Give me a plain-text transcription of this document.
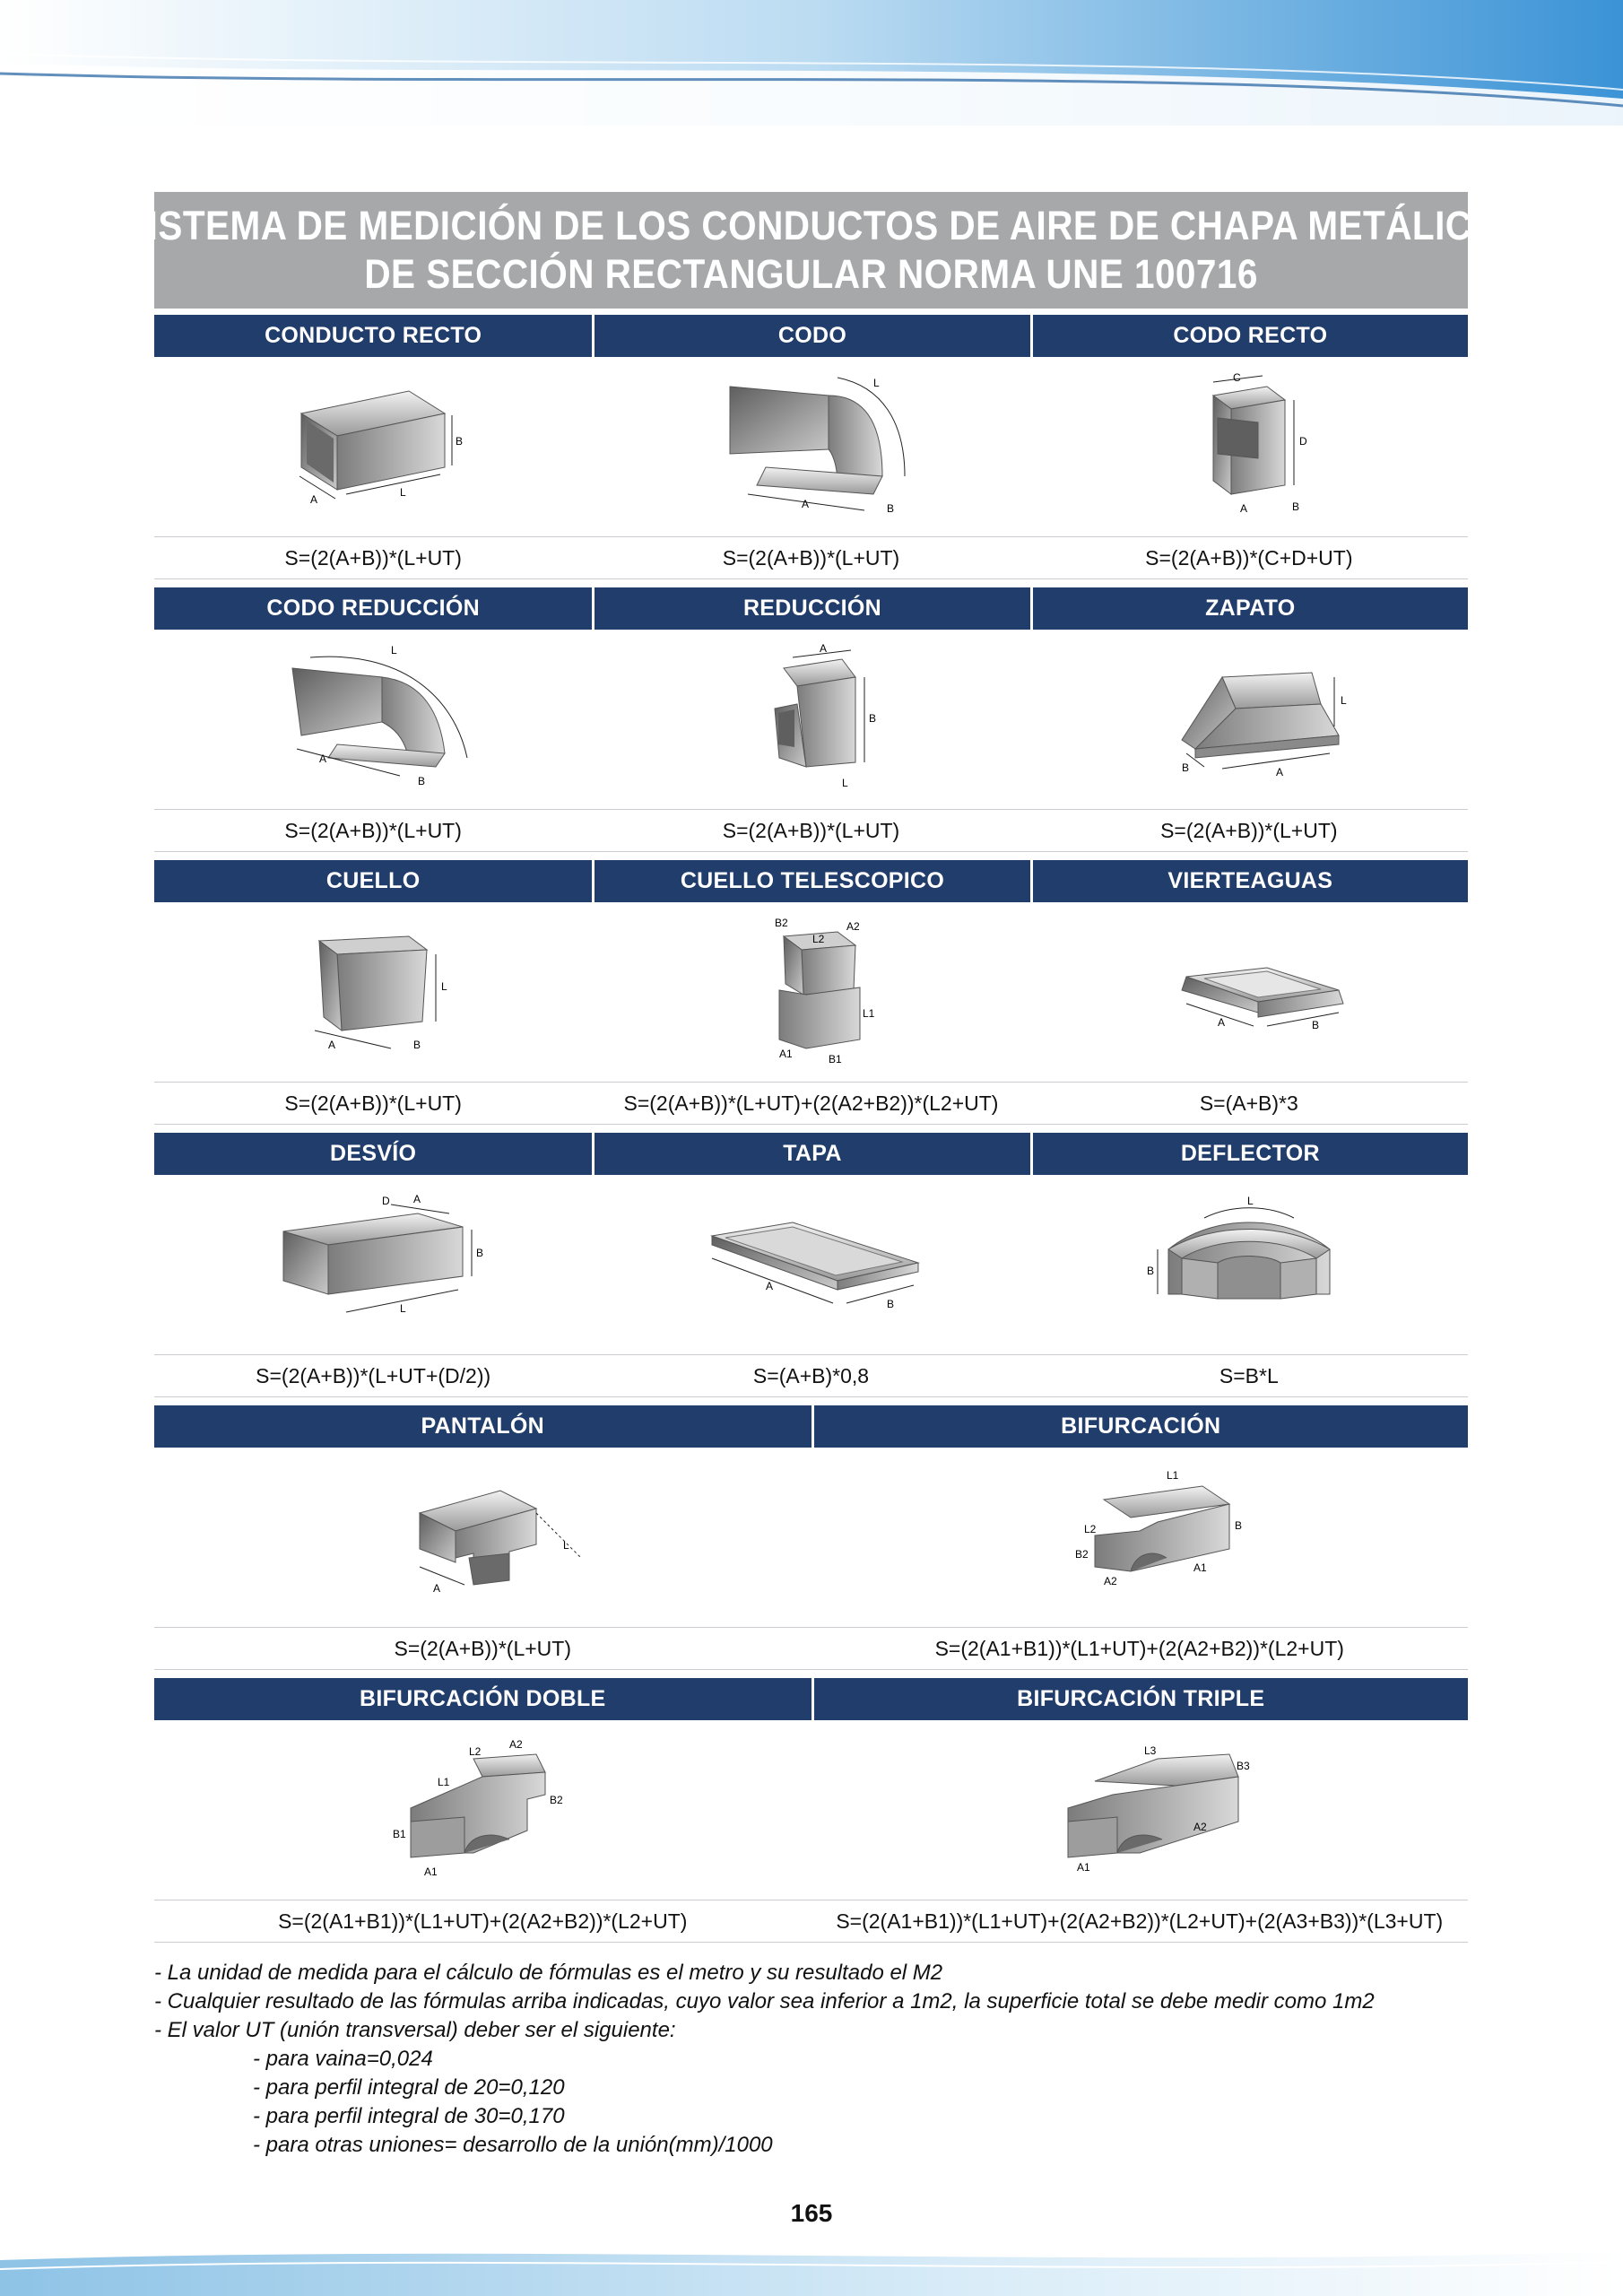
SISTEMA DE MEDICIÓN DE LOS CONDUCTOS DE AIRE DE CHAPA METÁLICA
DE SECCIÓN RECTANGULAR NORMA UNE 100716
CONDUCTO RECTO
A
L
B
S=(2(A+B))*(L+UT)
CODO
L
A	B
S=(2(A+B))*(L+UT)
CODO RECTO
C
D
A	B
S=(2(A+B))*(C+D+UT)
CODO REDUCCIÓN
L
A
B
S=(2(A+B))*(L+UT)
REDUCCIÓN
A
B
L
S=(2(A+B))*(L+UT)
ZAPATO
L
B	A
S=(2(A+B))*(L+UT)
CUELLO
L
A	B
S=(2(A+B))*(L+UT)
CUELLO TELESCOPICO
B2	A2
L2
L1
A1	B1
S=(2(A+B))*(L+UT)+(2(A2+B2))*(L2+UT)
VIERTEAGUAS
A	B
S=(A+B)*3
DESVÍO
A
D
B
L
S=(2(A+B))*(L+UT+(D/2))
TAPA
A
B
S=(A+B)*0,8
DEFLECTOR
L
B
S=B*L
PANTALÓN
A
L
S=(2(A+B))*(L+UT)
BIFURCACIÓN
L1
L2	B
B2
A2
A1
S=(2(A1+B1))*(L1+UT)+(2(A2+B2))*(L2+UT)
BIFURCACIÓN DOBLE
L2
A2
L1
B2
B1
A1
S=(2(A1+B1))*(L1+UT)+(2(A2+B2))*(L2+UT)
BIFURCACIÓN TRIPLE
L3
B3
A2
A1
S=(2(A1+B1))*(L1+UT)+(2(A2+B2))*(L2+UT)+(2(A3+B3))*(L3+UT)
- La unidad de medida para el cálculo de fórmulas es el metro y su resultado el M2
- Cualquier resultado de las fórmulas arriba indicadas, cuyo valor sea inferior a 1m2, la superficie total se debe medir como 1m2
- El valor UT (unión transversal) deber ser el siguiente:
- para vaina=0,024
- para perfil integral de 20=0,120
- para perfil integral de 30=0,170
- para otras uniones= desarrollo de la unión(mm)/1000
165
